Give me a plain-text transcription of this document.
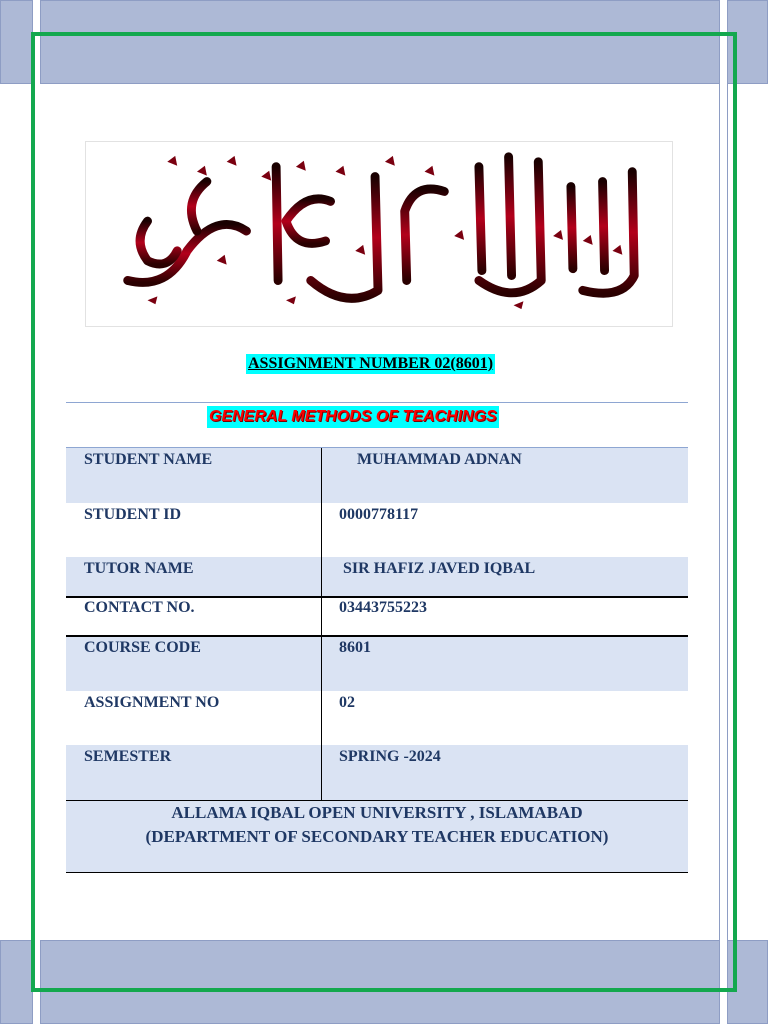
ASSIGNMENT NUMBER 02(8601)
GENERAL METHODS OF TEACHINGS
STUDENT NAME	MUHAMMAD ADNAN
STUDENT ID	0000778117
TUTOR NAME	SIR HAFIZ JAVED IQBAL
CONTACT NO.	03443755223
COURSE CODE	8601
ASSIGNMENT NO	02
SEMESTER	SPRING -2024
ALLAMA IQBAL OPEN UNIVERSITY , ISLAMABAD
(DEPARTMENT OF SECONDARY TEACHER EDUCATION)
